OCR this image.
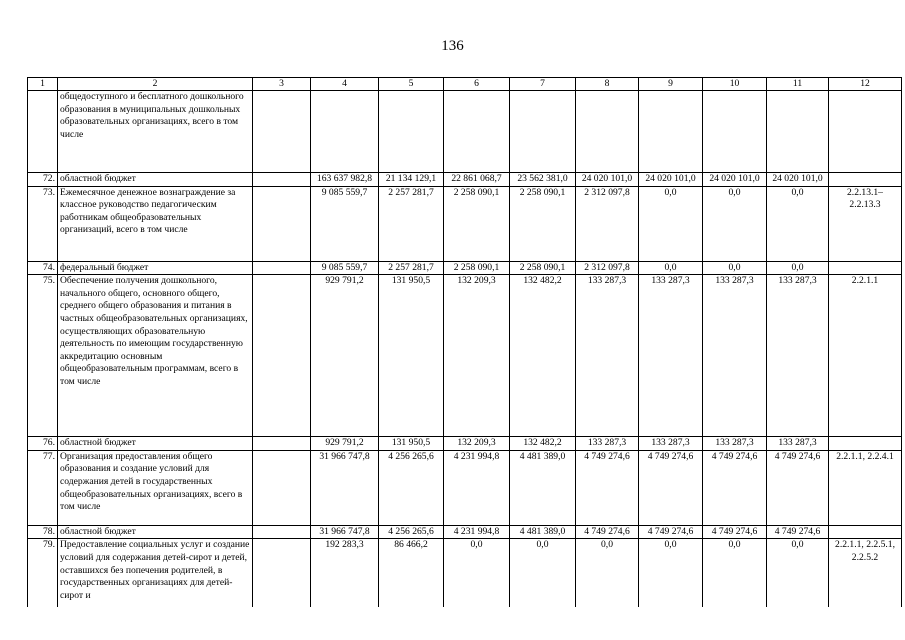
136
1	2	3	4	5	6	7	8	9	10	11	12
	общедоступного и бесплатного дошкольного образования в муниципальных дошкольных образовательных организациях, всего в том числе										
72.	областной бюджет		163 637 982,8	21 134 129,1	22 861 068,7	23 562 381,0	24 020 101,0	24 020 101,0	24 020 101,0	24 020 101,0	
73.	Ежемесячное денежное вознаграждение за классное руководство педагогическим работникам общеобразовательных организаций, всего в том числе		9 085 559,7	2 257 281,7	2 258 090,1	2 258 090,1	2 312 097,8	0,0	0,0	0,0	2.2.13.1– 2.2.13.3
74.	федеральный бюджет		9 085 559,7	2 257 281,7	2 258 090,1	2 258 090,1	2 312 097,8	0,0	0,0	0,0	
75.	Обеспечение получения дошкольного, начального общего, основного общего, среднего общего образования и питания в частных общеобразовательных организациях, осуществляющих образовательную деятельность по имеющим государственную аккредитацию основным общеобразовательным программам, всего в том числе		929 791,2	131 950,5	132 209,3	132 482,2	133 287,3	133 287,3	133 287,3	133 287,3	2.2.1.1
76.	областной бюджет		929 791,2	131 950,5	132 209,3	132 482,2	133 287,3	133 287,3	133 287,3	133 287,3	
77.	Организация предоставления общего образования и создание условий для содержания детей в государственных общеобразовательных организациях, всего в том числе		31 966 747,8	4 256 265,6	4 231 994,8	4 481 389,0	4 749 274,6	4 749 274,6	4 749 274,6	4 749 274,6	2.2.1.1, 2.2.4.1
78.	областной бюджет		31 966 747,8	4 256 265,6	4 231 994,8	4 481 389,0	4 749 274,6	4 749 274,6	4 749 274,6	4 749 274,6	
79.	Предоставление социальных услуг и создание условий для содержания детей-сирот и детей, оставшихся без попечения родителей, в государственных организациях для детей-сирот и		192 283,3	86 466,2	0,0	0,0	0,0	0,0	0,0	0,0	2.2.1.1, 2.2.5.1, 2.2.5.2
